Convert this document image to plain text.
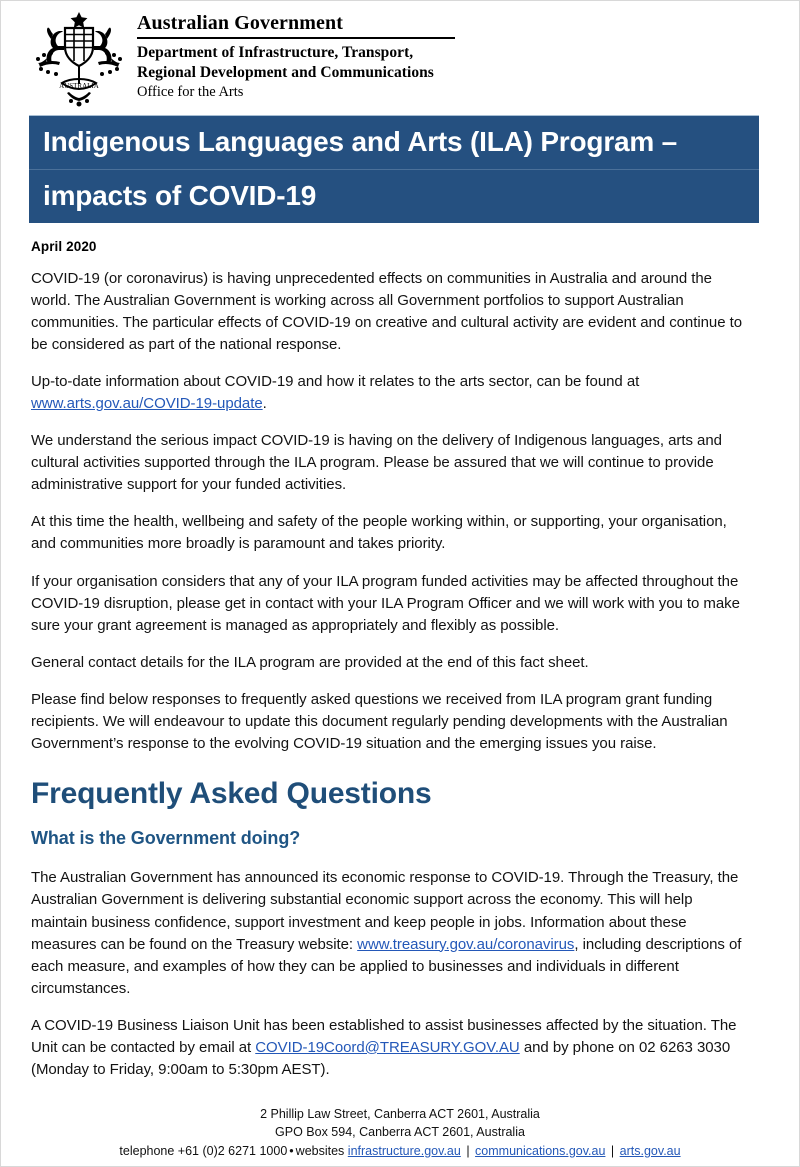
AUSTRALIA
Australian Government
Department of Infrastructure, Transport,
Regional Development and Communications
Office for the Arts
Indigenous Languages and Arts (ILA) Program –
impacts of COVID-19
April 2020

COVID-19 (or coronavirus) is having unprecedented effects on communities in Australia and around the world. The Australian Government is working across all Government portfolios to support Australian communities. The particular effects of COVID-19 on creative and cultural activity are evident and continue to be considered as part of the national response.

Up-to-date information about COVID-19 and how it relates to the arts sector, can be found at www.arts.gov.au/COVID-19-update.

We understand the serious impact COVID-19 is having on the delivery of Indigenous languages, arts and cultural activities supported through the ILA program. Please be assured that we will continue to provide administrative support for your funded activities.

At this time the health, wellbeing and safety of the people working within, or supporting, your organisation, and communities more broadly is paramount and takes priority.

If your organisation considers that any of your ILA program funded activities may be affected throughout the COVID-19 disruption, please get in contact with your ILA Program Officer and we will work with you to make sure your grant agreement is managed as appropriately and flexibly as possible.

General contact details for the ILA program are provided at the end of this fact sheet.

Please find below responses to frequently asked questions we received from ILA program grant funding recipients. We will endeavour to update this document regularly pending developments with the Australian Government’s response to the evolving COVID-19 situation and the emerging issues you raise.

Frequently Asked Questions
What is the Government doing?

The Australian Government has announced its economic response to COVID-19. Through the Treasury, the Australian Government is delivering substantial economic support across the economy. This will help maintain business confidence, support investment and keep people in jobs. Information about these measures can be found on the Treasury website: www.treasury.gov.au/coronavirus, including descriptions of each measure, and examples of how they can be applied to businesses and individuals in different circumstances.

A COVID-19 Business Liaison Unit has been established to assist businesses affected by the situation. The Unit can be contacted by email at COVID-19Coord@TREASURY.GOV.AU and by phone on 02 6263 3030 (Monday to Friday, 9:00am to 5:30pm AEST).

2 Phillip Law Street, Canberra ACT 2601, Australia
GPO Box 594, Canberra ACT 2601, Australia
telephone +61 (0)2 6271 1000 • websites infrastructure.gov.au | communications.gov.au | arts.gov.au
